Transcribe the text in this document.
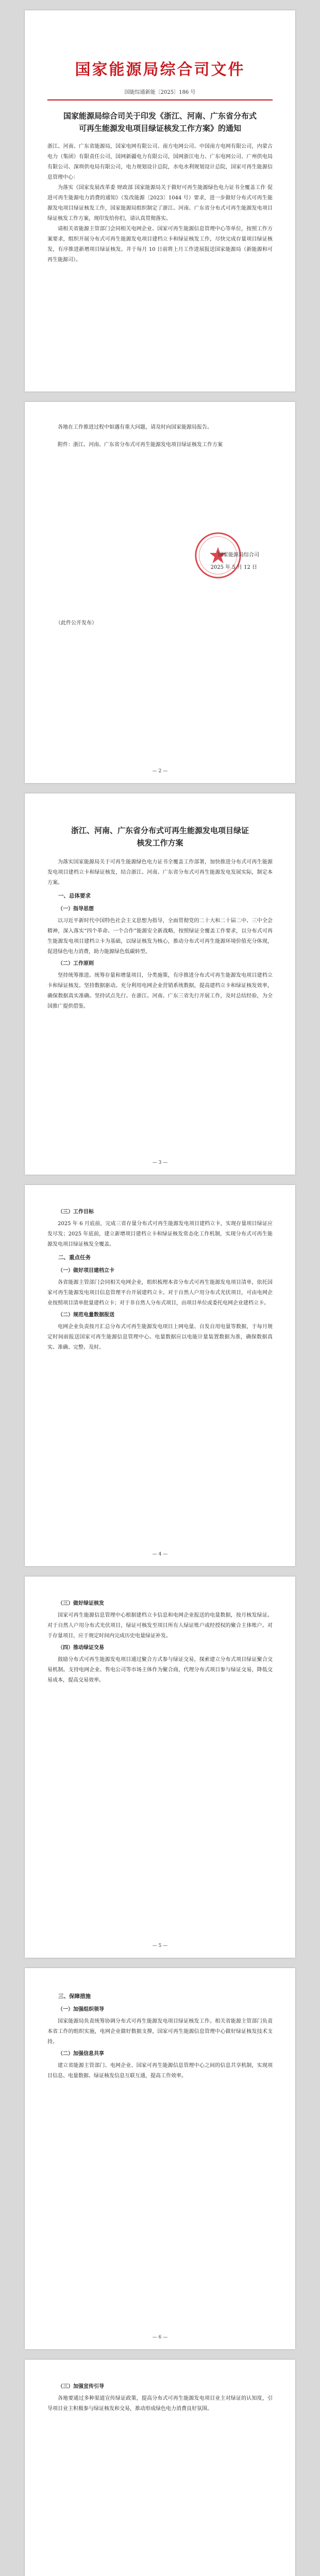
国家能源局综合司文件
国能综通新能〔2025〕186 号
国家能源局综合司关于印发《浙江、河南、广东省分布式可再生能源发电项目绿证核发工作方案》的通知

浙江、河南、广东省能源局，国家电网有限公司、南方电网公司、中国南方电网有限公司，内蒙古电力（集团）有限责任公司，国网新疆电力有限公司，国网浙江电力、广东电网公司、广州供电局有限公司、深圳供电局有限公司，电力规划设计总院，水电水利规划设计总院，国家可再生能源信息管理中心：

为落实《国家发展改革委 财政部 国家能源局关于做好可再生能源绿色电力证书全覆盖工作 促进可再生能源电力消费的通知》（发改能源〔2023〕1044 号）要求，进一步做好分布式可再生能源发电项目绿证核发工作，国家能源局组织制定了浙江、河南、广东省分布式可再生能源发电项目绿证核发工作方案，现印发给你们，请认真贯彻落实。

请相关省能源主管部门会同相关电网企业、国家可再生能源信息管理中心等单位，按照工作方案要求，组织开展分布式可再生能源发电项目建档立卡和绿证核发工作，尽快完成存量项目绿证核发，有序推进新增项目绿证核发。并于每月 10 日前将上月工作进展报送国家能源局（新能源和可再生能源司）。

各地在工作推进过程中如遇有重大问题，请及时向国家能源局报告。

附件：浙江、河南、广东省分布式可再生能源发电项目绿证核发工作方案

国家能源局综合司
2025 年 5 月 12 日
（此件公开发布）
— 2 —
浙江、河南、广东省分布式可再生能源发电项目绿证核发工作方案

为落实国家能源局关于可再生能源绿色电力证书全覆盖工作部署，加快推进分布式可再生能源发电项目建档立卡和绿证核发，结合浙江、河南、广东省分布式可再生能源发电发展实际，制定本方案。

一、总体要求
（一）指导思想

以习近平新时代中国特色社会主义思想为指导，全面贯彻党的二十大和二十届二中、三中全会精神，深入落实“四个革命、一个合作”能源安全新战略，按照绿证全覆盖工作要求，以分布式可再生能源发电项目建档立卡为基础，以绿证核发为核心，推动分布式可再生能源环境价值充分体现，促进绿色电力消费，助力能源绿色低碳转型。

（二）工作原则

坚持统筹推进。统筹存量和增量项目，分类施策，有序推进分布式可再生能源发电项目建档立卡和绿证核发。坚持数据驱动。充分利用电网企业营销系统数据，提高建档立卡和绿证核发效率，确保数据真实准确。坚持试点先行。在浙江、河南、广东三省先行开展工作，及时总结经验，为全国推广提供借鉴。

— 3 —
（三）工作目标

2025 年 6 月底前，完成三省存量分布式可再生能源发电项目建档立卡，实现存量项目绿证应发尽发；2025 年底前，建立新增项目建档立卡和绿证核发常态化工作机制，实现分布式可再生能源发电项目绿证核发全覆盖。

二、重点任务
（一）做好项目建档立卡

各省能源主管部门会同相关电网企业，组织梳理本省分布式可再生能源发电项目清单，依托国家可再生能源发电项目信息管理平台开展建档立卡。对于自然人户用分布式光伏项目，可由电网企业按照项目清单批量建档立卡；对于非自然人分布式项目，由项目单位或委托电网企业建档立卡。

（二）规范电量数据报送

电网企业负责按月汇总分布式可再生能源发电项目上网电量、自发自用电量等数据，于每月规定时间前报送国家可再生能源信息管理中心。电量数据应以电能计量装置数据为准，确保数据真实、准确、完整、及时。

— 4 —
（三）做好绿证核发

国家可再生能源信息管理中心根据建档立卡信息和电网企业报送的电量数据，按月核发绿证。对于自然人户用分布式光伏项目，绿证可核发至项目所有人绿证账户或经授权的聚合主体账户。对于存量项目，应于规定时间内完成历史电量绿证补发。

（四）推动绿证交易

鼓励分布式可再生能源发电项目通过聚合方式参与绿证交易，探索建立分布式项目绿证聚合交易机制。支持电网企业、售电公司等市场主体作为聚合商，代理分布式项目参与绿证交易，降低交易成本，提高交易效率。

— 5 —
三、保障措施
（一）加强组织领导

国家能源局负责统筹协调分布式可再生能源发电项目绿证核发工作。相关省能源主管部门负责本省工作的组织实施，电网企业做好数据支撑，国家可再生能源信息管理中心做好绿证核发技术支持。

（二）加强信息共享

建立省能源主管部门、电网企业、国家可再生能源信息管理中心之间的信息共享机制，实现项目信息、电量数据、绿证核发信息互联互通，提高工作效率。

— 6 —
（三）加强宣传引导

各地要通过多种渠道宣传绿证政策，提高分布式可再生能源发电项目业主对绿证的认知度，引导项目业主积极参与绿证核发和交易，推动形成绿色电力消费良好氛围。
